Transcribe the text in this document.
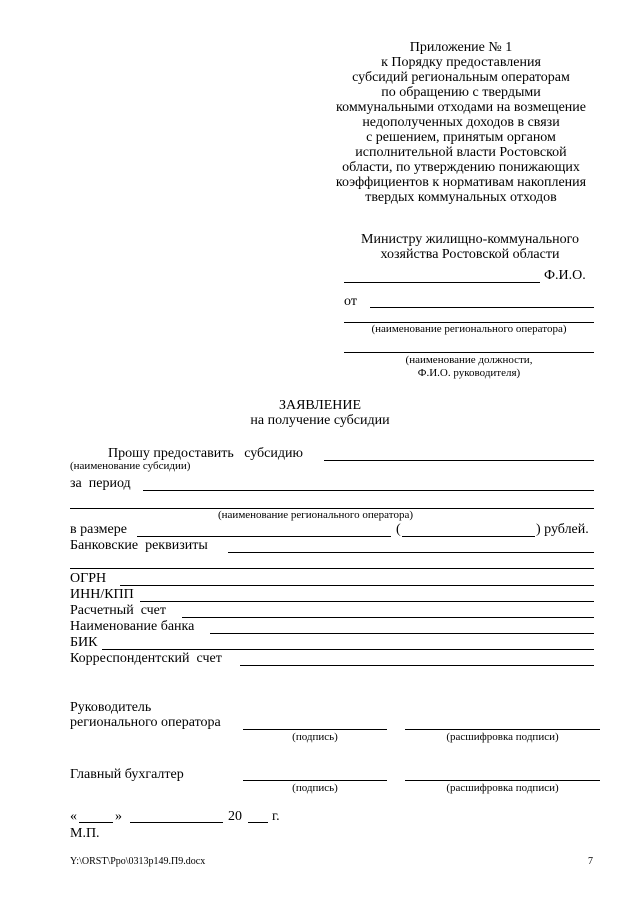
Приложение № 1
к Порядку предоставления
субсидий региональным операторам
по обращению с твердыми
коммунальными отходами на возмещение
недополученных доходов в связи
с решением, принятым органом
исполнительной власти Ростовской
области, по утверждению понижающих
коэффициентов к нормативам накопления
твердых коммунальных отходов
Министру жилищно-коммунального
хозяйства Ростовской области
Ф.И.О.
от
(наименование регионального оператора)
(наименование должности,
Ф.И.О. руководителя)
ЗАЯВЛЕНИЕ
на получение субсидии
Прошу предоставить   субсидию
(наименование субсидии)
за  период
(наименование регионального оператора)
в размере	(	) рублей.
Банковские  реквизиты
ОГРН
ИНН/КПП
Расчетный  счет
Наименование банка
БИК
Корреспондентский  счет
Руководитель
регионального оператора
(подпись)	(расшифровка подписи)
Главный бухгалтер
(подпись)	(расшифровка подписи)
«	»	20 г.
М.П.
Y:\ORST\Ppo\0313p149.П9.docx	7
